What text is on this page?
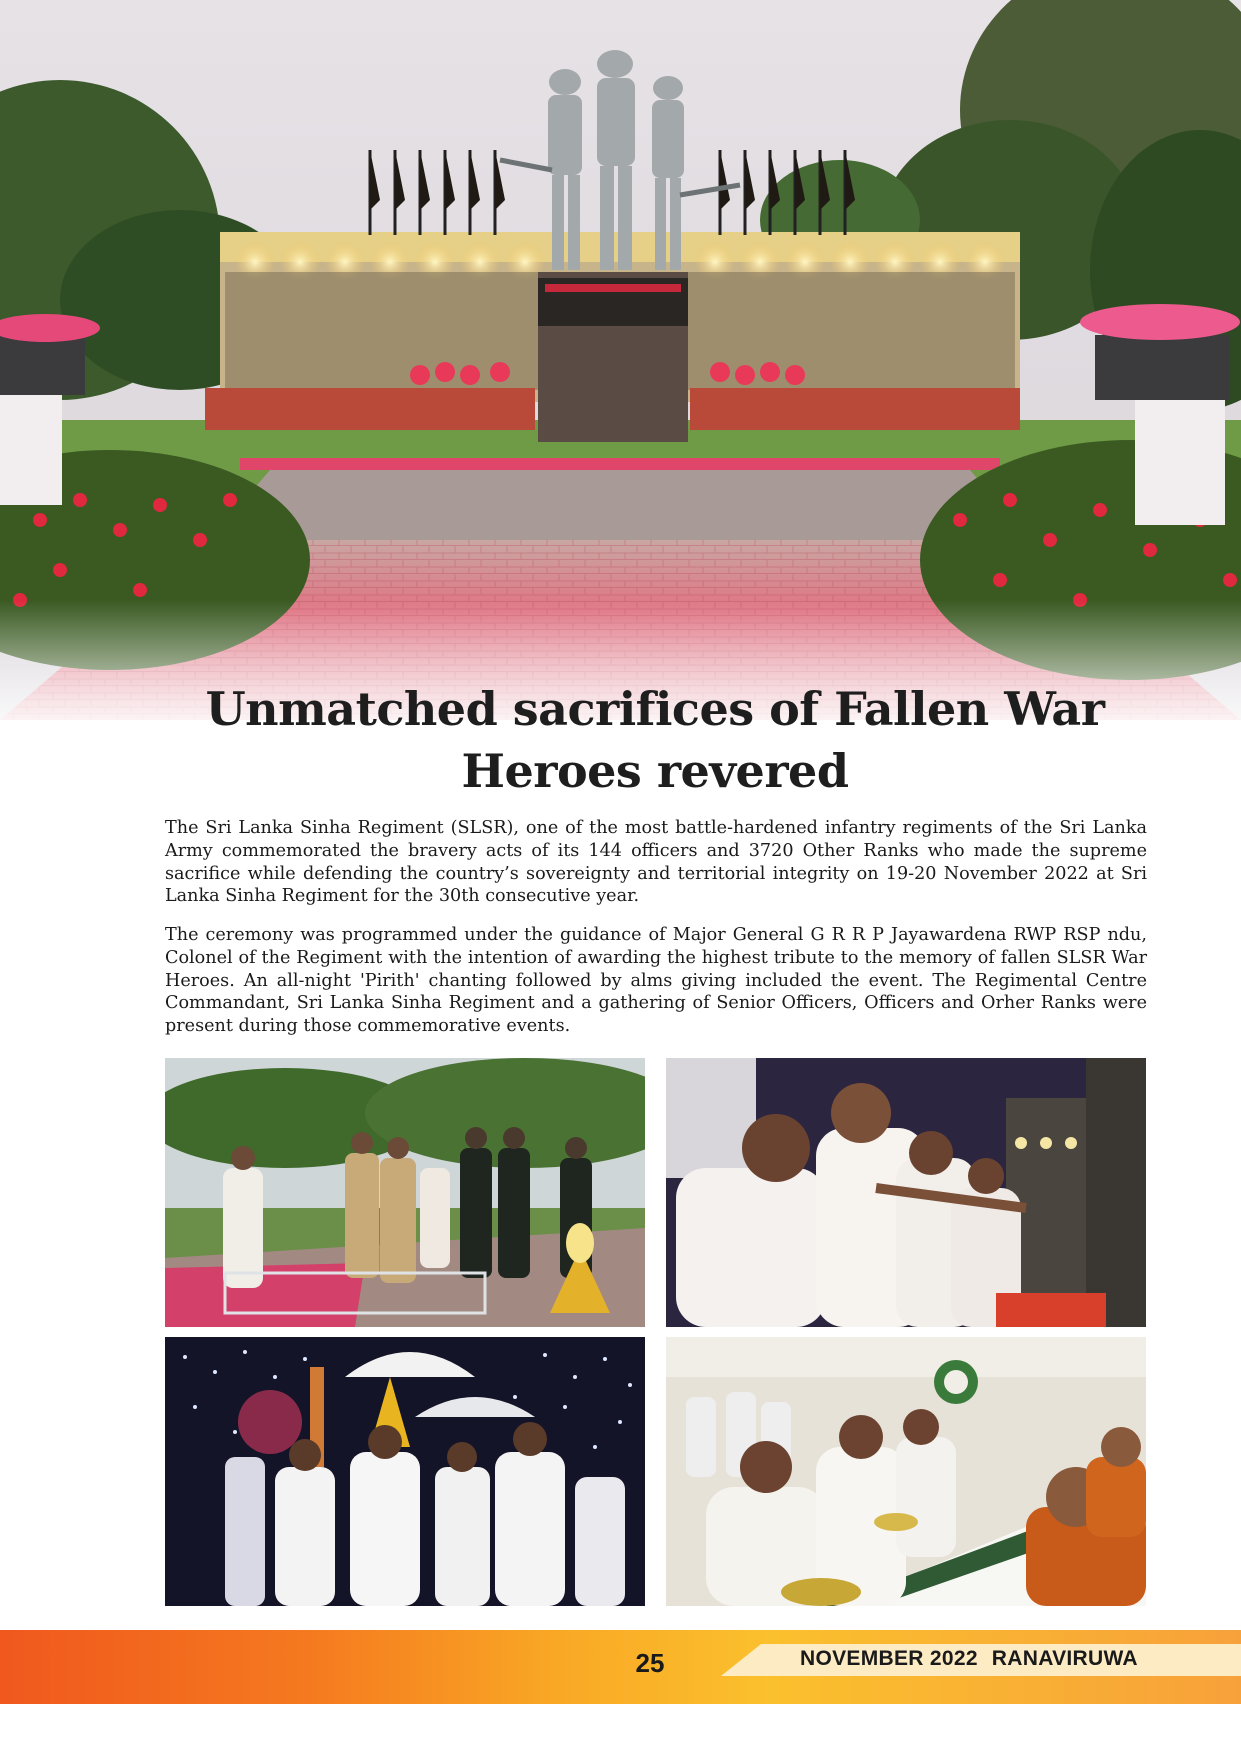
Unmatched sacrifices of Fallen War Heroes revered

The Sri Lanka Sinha Regiment (SLSR), one of the most battle-hardened infantry regiments of the Sri Lanka Army commemorated the bravery acts of its 144 officers and 3720 Other Ranks who made the supreme sacrifice while defending the country’s sovereignty and territorial integrity on 19-20 November 2022 at Sri Lanka Sinha Regiment for the 30th consecutive year.

The ceremony was programmed under the guidance of Major General G R R P Jayawardena RWP RSP ndu, Colonel of the Regiment with the intention of awarding the highest tribute to the memory of fallen SLSR War Heroes. An all-night 'Pirith' chanting followed by alms giving included the event. The Regimental Centre Commandant, Sri Lanka Sinha Regiment and a gathering of Senior Officers, Officers and Orher Ranks were present during those commemorative events.

25	NOVEMBER 2022 RANAVIRUWA
